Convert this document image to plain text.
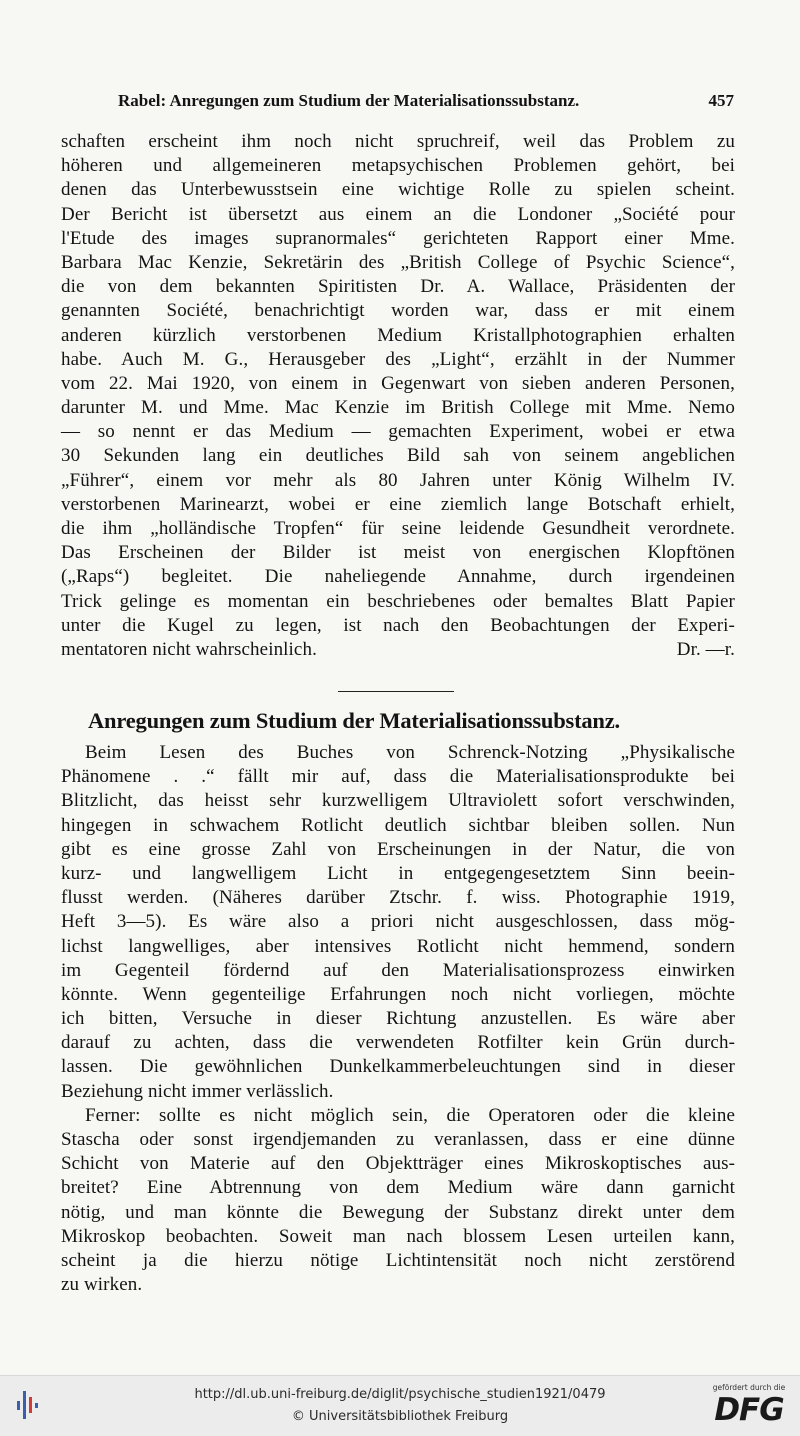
Rabel: Anregungen zum Studium der Materialisationssubstanz.	457
schaften erscheint ihm noch nicht spruchreif, weil das Problem zu
höheren und allgemeineren metapsychischen Problemen gehört, bei
denen das Unterbewusstsein eine wichtige Rolle zu spielen scheint.
Der Bericht ist übersetzt aus einem an die Londoner „Société pour
l'Etude des images supranormales“ gerichteten Rapport einer Mme.
Barbara Mac Kenzie, Sekretärin des „British College of Psychic Science“,
die von dem bekannten Spiritisten Dr. A. Wallace, Präsidenten der
genannten Société, benachrichtigt worden war, dass er mit einem
anderen kürzlich verstorbenen Medium Kristallphotographien erhalten
habe. Auch M. G., Herausgeber des „Light“, erzählt in der Nummer
vom 22. Mai 1920, von einem in Gegenwart von sieben anderen Personen,
darunter M. und Mme. Mac Kenzie im British College mit Mme. Nemo
— so nennt er das Medium — gemachten Experiment, wobei er etwa
30 Sekunden lang ein deutliches Bild sah von seinem angeblichen
„Führer“, einem vor mehr als 80 Jahren unter König Wilhelm IV.
verstorbenen Marinearzt, wobei er eine ziemlich lange Botschaft erhielt,
die ihm „holländische Tropfen“ für seine leidende Gesundheit verordnete.
Das Erscheinen der Bilder ist meist von energischen Klopftönen
(„Raps“) begleitet. Die naheliegende Annahme, durch irgendeinen
Trick gelinge es momentan ein beschriebenes oder bemaltes Blatt Papier
unter die Kugel zu legen, ist nach den Beobachtungen der Experi-
mentatoren nicht wahrscheinlich.	Dr. —r.
Anregungen zum Studium der Materialisationssubstanz.
Beim Lesen des Buches von Schrenck-Notzing „Physikalische
Phänomene . .“ fällt mir auf, dass die Materialisationsprodukte bei
Blitzlicht, das heisst sehr kurzwelligem Ultraviolett sofort verschwinden,
hingegen in schwachem Rotlicht deutlich sichtbar bleiben sollen. Nun
gibt es eine grosse Zahl von Erscheinungen in der Natur, die von
kurz- und langwelligem Licht in entgegengesetztem Sinn beein-
flusst werden. (Näheres darüber Ztschr. f. wiss. Photographie 1919,
Heft 3—5). Es wäre also a priori nicht ausgeschlossen, dass mög-
lichst langwelliges, aber intensives Rotlicht nicht hemmend, sondern
im Gegenteil fördernd auf den Materialisationsprozess einwirken
könnte. Wenn gegenteilige Erfahrungen noch nicht vorliegen, möchte
ich bitten, Versuche in dieser Richtung anzustellen. Es wäre aber
darauf zu achten, dass die verwendeten Rotfilter kein Grün durch-
lassen. Die gewöhnlichen Dunkelkammerbeleuchtungen sind in dieser
Beziehung nicht immer verlässlich.
Ferner: sollte es nicht möglich sein, die Operatoren oder die kleine
Stascha oder sonst irgendjemanden zu veranlassen, dass er eine dünne
Schicht von Materie auf den Objektträger eines Mikroskoptisches aus-
breitet? Eine Abtrennung von dem Medium wäre dann garnicht
nötig, und man könnte die Bewegung der Substanz direkt unter dem
Mikroskop beobachten. Soweit man nach blossem Lesen urteilen kann,
scheint ja die hierzu nötige Lichtintensität noch nicht zerstörend
zu wirken.
http://dl.ub.uni-freiburg.de/diglit/psychische_studien1921/0479
© Universitätsbibliothek Freiburg
gefördert durch die
DFG
